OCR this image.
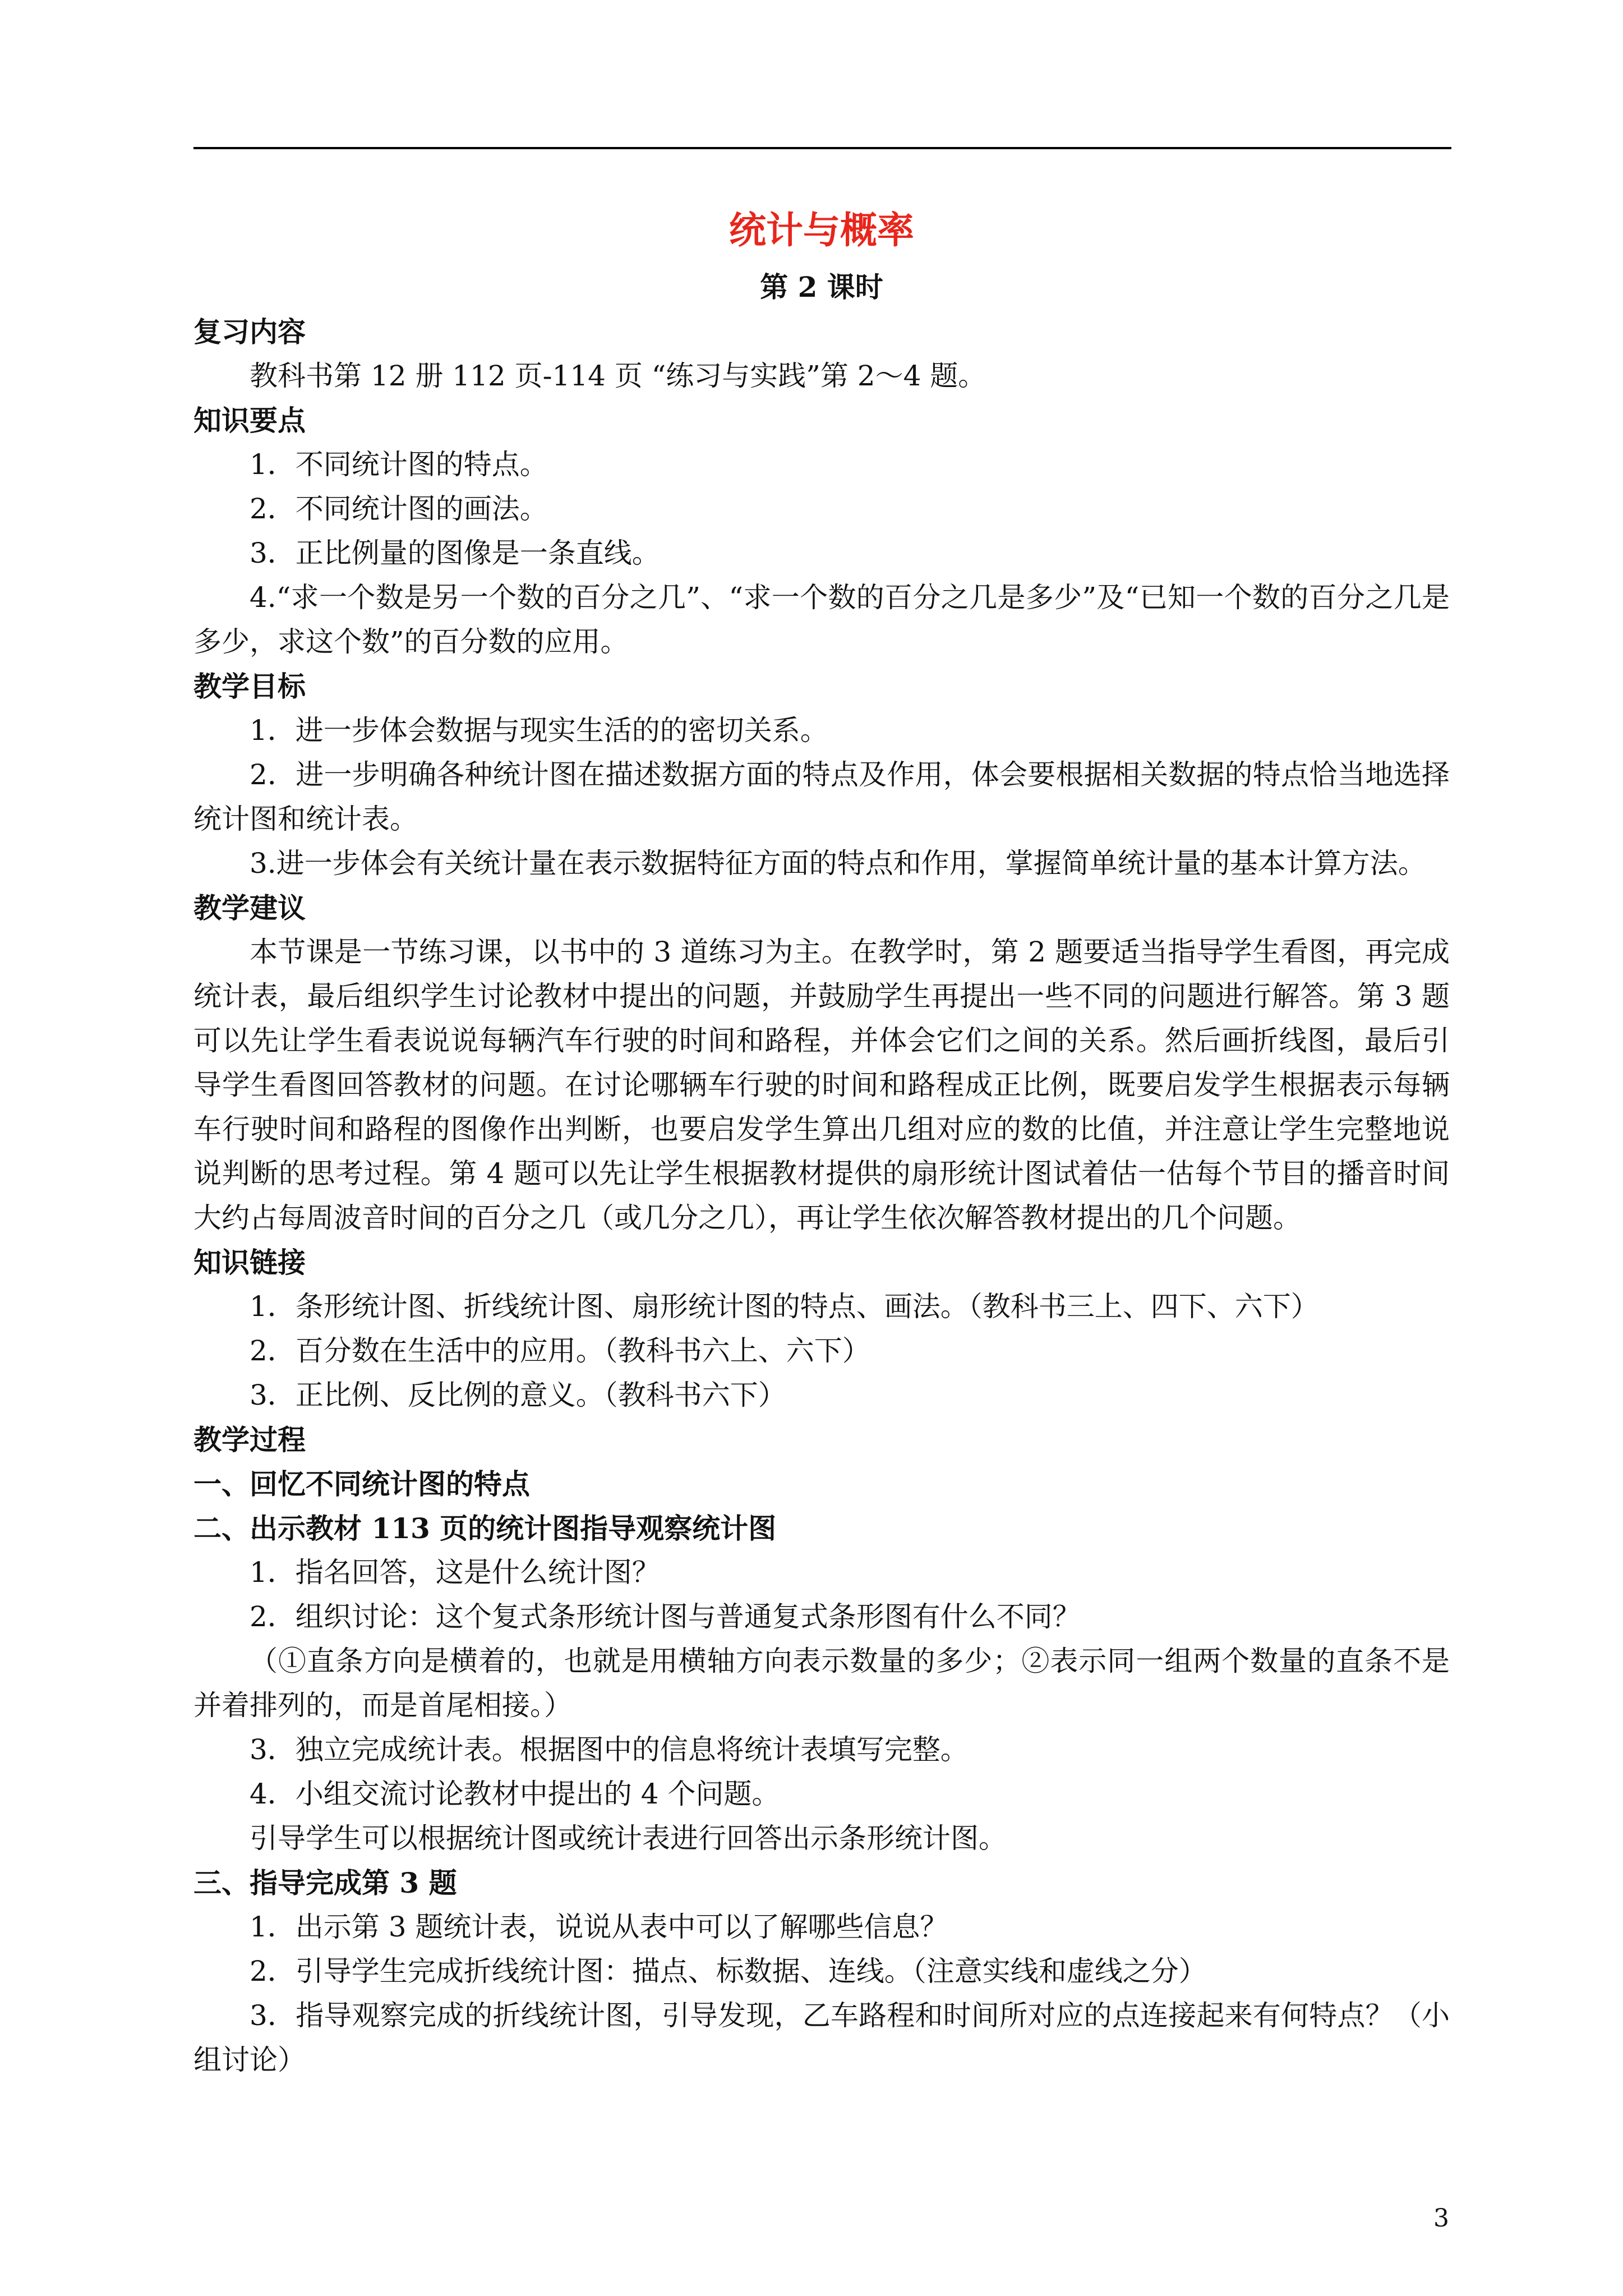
统计与概率
第 2 课时
复习内容
教科书第 12 册 112 页-114 页 “练习与实践”第 2～4 题。
知识要点
1．不同统计图的特点。
2．不同统计图的画法。
3．正比例量的图像是一条直线。
4.“求一个数是另一个数的百分之几”、“求一个数的百分之几是多少”及“已知一个数的百分之几是多少，求这个数”的百分数的应用。
教学目标
1．进一步体会数据与现实生活的的密切关系。
2．进一步明确各种统计图在描述数据方面的特点及作用，体会要根据相关数据的特点恰当地选择统计图和统计表。
3.进一步体会有关统计量在表示数据特征方面的特点和作用，掌握简单统计量的基本计算方法。
教学建议
本节课是一节练习课，以书中的 3 道练习为主。在教学时，第 2 题要适当指导学生看图，再完成统计表，最后组织学生讨论教材中提出的问题，并鼓励学生再提出一些不同的问题进行解答。第 3 题可以先让学生看表说说每辆汽车行驶的时间和路程，并体会它们之间的关系。然后画折线图，最后引导学生看图回答教材的问题。在讨论哪辆车行驶的时间和路程成正比例，既要启发学生根据表示每辆车行驶时间和路程的图像作出判断，也要启发学生算出几组对应的数的比值，并注意让学生完整地说说判断的思考过程。第 4 题可以先让学生根据教材提供的扇形统计图试着估一估每个节目的播音时间大约占每周波音时间的百分之几（或几分之几），再让学生依次解答教材提出的几个问题。
知识链接
1．条形统计图、折线统计图、扇形统计图的特点、画法。（教科书三上、四下、六下）
2．百分数在生活中的应用。（教科书六上、六下）
3．正比例、反比例的意义。（教科书六下）
教学过程
一、回忆不同统计图的特点
二、出示教材 113 页的统计图指导观察统计图
1．指名回答，这是什么统计图？
2．组织讨论：这个复式条形统计图与普通复式条形图有什么不同？
（①直条方向是横着的，也就是用横轴方向表示数量的多少；②表示同一组两个数量的直条不是并着排列的，而是首尾相接。）
3．独立完成统计表。根据图中的信息将统计表填写完整。
4．小组交流讨论教材中提出的 4 个问题。
引导学生可以根据统计图或统计表进行回答出示条形统计图。
三、指导完成第 3 题
1．出示第 3 题统计表，说说从表中可以了解哪些信息？
2．引导学生完成折线统计图：描点、标数据、连线。（注意实线和虚线之分）
3．指导观察完成的折线统计图，引导发现，乙车路程和时间所对应的点连接起来有何特点？（小组讨论）
3
